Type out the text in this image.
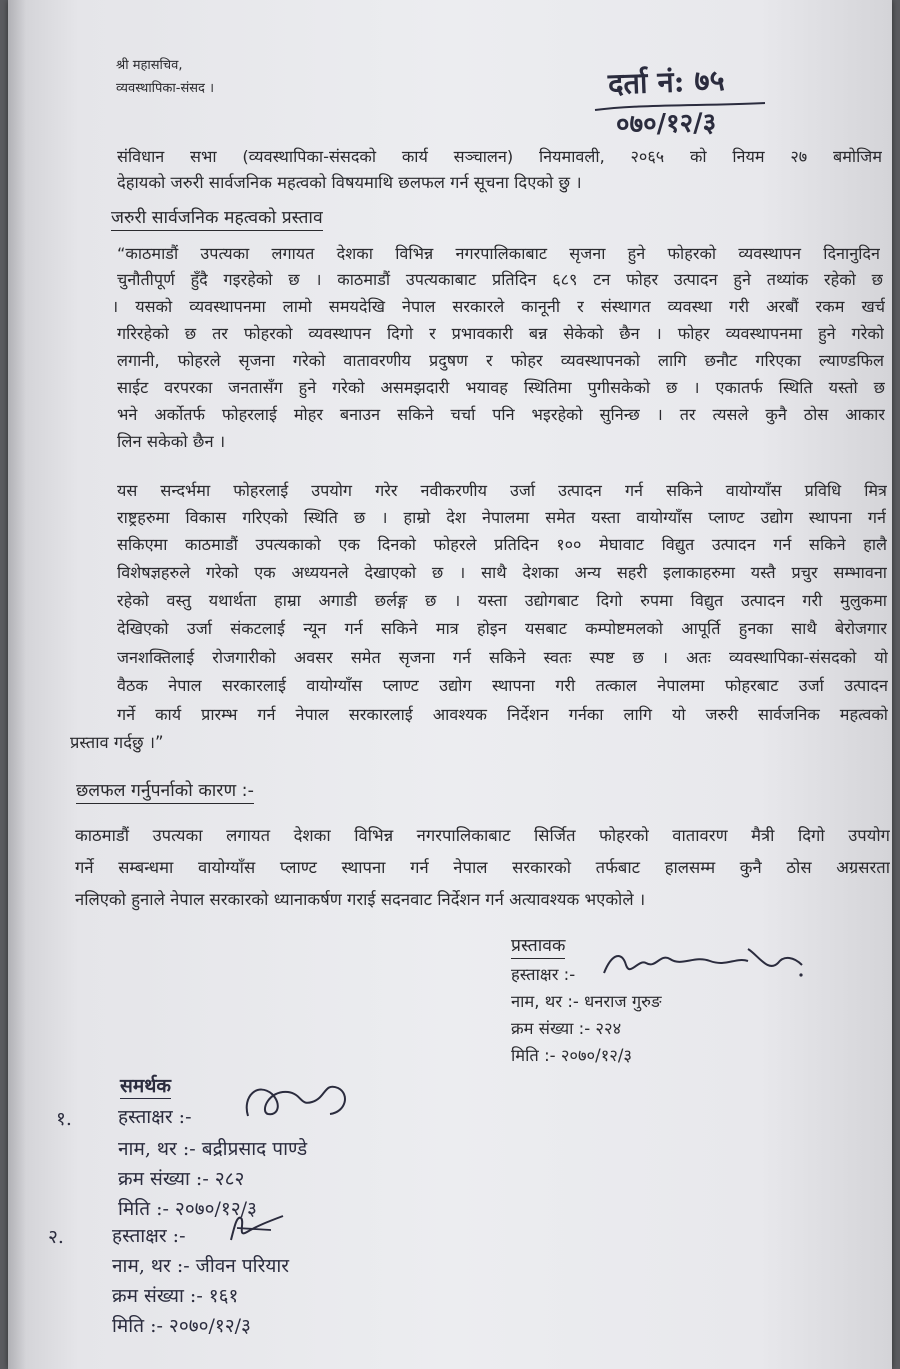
श्री महासचिव,
व्यवस्थापिका-संसद ।	दर्ता नं: ७५
०७०/१२/३
संविधान सभा (व्यवस्थापिका-संसदको कार्य सञ्चालन) नियमावली, २०६५ को नियम २७ बमोजिम
देहायको जरुरी सार्वजनिक महत्वको विषयमाथि छलफल गर्न सूचना दिएको छु ।
जरुरी सार्वजनिक महत्वको प्रस्ताव
“काठमाडौं उपत्यका लगायत देशका विभिन्न नगरपालिकाबाट सृजना हुने फोहरको व्यवस्थापन दिनानुदिन
चुनौतीपूर्ण हुँदै गइरहेको छ । काठमाडौं उपत्यकाबाट प्रतिदिन ६८९ टन फोहर उत्पादन हुने तथ्यांक रहेको छ
। यसको व्यवस्थापनमा लामो समयदेखि नेपाल सरकारले कानूनी र संस्थागत व्यवस्था गरी अरबौं रकम खर्च
गरिरहेको छ तर फोहरको व्यवस्थापन दिगो र प्रभावकारी बन्न सेकेको छैन । फोहर व्यवस्थापनमा हुने गरेको
लगानी, फोहरले सृजना गरेको वातावरणीय प्रदुषण र फोहर व्यवस्थापनको लागि छनौट गरिएका ल्याण्डफिल
साईट वरपरका जनतासँग हुने गरेको असमझदारी भयावह स्थितिमा पुगीसकेको छ । एकातर्फ स्थिति यस्तो छ
भने अर्कोतर्फ फोहरलाई मोहर बनाउन सकिने चर्चा पनि भइरहेको सुनिन्छ । तर त्यसले कुनै ठोस आकार
लिन सकेको छैन ।
यस सन्दर्भमा फोहरलाई उपयोग गरेर नवीकरणीय उर्जा उत्पादन गर्न सकिने वायोग्याँस प्रविधि मित्र
राष्ट्रहरुमा विकास गरिएको स्थिति छ । हाम्रो देश नेपालमा समेत यस्ता वायोग्याँस प्लाण्ट उद्योग स्थापना गर्न
सकिएमा काठमाडौं उपत्यकाको एक दिनको फोहरले प्रतिदिन १०० मेघावाट विद्युत उत्पादन गर्न सकिने हालै
विशेषज्ञहरुले गरेको एक अध्ययनले देखाएको छ । साथै देशका अन्य सहरी इलाकाहरुमा यस्तै प्रचुर सम्भावना
रहेको वस्तु यथार्थता हाम्रा अगाडी छर्लङ्ग छ । यस्ता उद्योगबाट दिगो रुपमा विद्युत उत्पादन गरी मुलुकमा
देखिएको उर्जा संकटलाई न्यून गर्न सकिने मात्र होइन यसबाट कम्पोष्टमलको आपूर्ति हुनका साथै बेरोजगार
जनशक्तिलाई रोजगारीको अवसर समेत सृजना गर्न सकिने स्वतः स्पष्ट छ । अतः व्यवस्थापिका-संसदको यो
वैठक नेपाल सरकारलाई वायोग्याँस प्लाण्ट उद्योग स्थापना गरी तत्काल नेपालमा फोहरबाट उर्जा उत्पादन
गर्ने कार्य प्रारम्भ गर्न नेपाल सरकारलाई आवश्यक निर्देशन गर्नका लागि यो जरुरी सार्वजनिक महत्वको
प्रस्ताव गर्दछु ।”
छलफल गर्नुपर्नाको कारण :-
काठमाडौं उपत्यका लगायत देशका विभिन्न नगरपालिकाबाट सिर्जित फोहरको वातावरण मैत्री दिगो उपयोग
गर्ने सम्बन्धमा वायोग्याँस प्लाण्ट स्थापना गर्न नेपाल सरकारको तर्फबाट हालसम्म कुनै ठोस अग्रसरता
नलिएको हुनाले नेपाल सरकारको ध्यानाकर्षण गराई सदनवाट निर्देशन गर्न अत्यावश्यक भएकोले ।
प्रस्तावक
हस्ताक्षर :-
नाम, थर :- धनराज गुरुङ
क्रम संख्या :- २२४
मिति :- २०७०/१२/३
समर्थक
१. हस्ताक्षर :-
नाम, थर :- बद्रीप्रसाद पाण्डे
क्रम संख्या :- २८२
मिति :- २०७०/१२/३
२.	हस्ताक्षर :-
नाम, थर :- जीवन परियार
क्रम संख्या :- १६१
मिति :- २०७०/१२/३
